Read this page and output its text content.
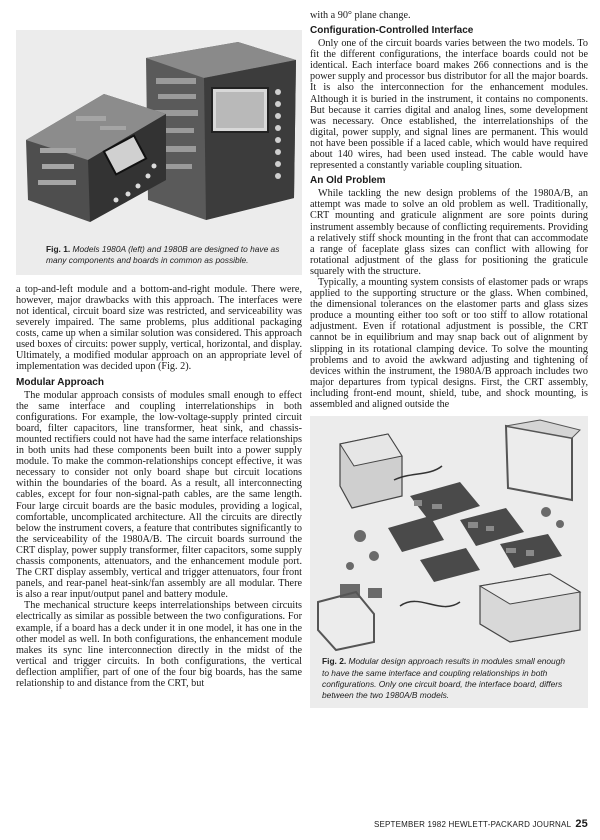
Fig. 1. Models 1980A (left) and 1980B are designed to have as many components and boards in common as possible.

a top-and-left module and a bottom-and-right module. There were, however, major drawbacks with this approach. The interfaces were not identical, circuit board size was restricted, and serviceability was severely impaired. The same problems, plus additional packaging costs, came up when a similar solution was considered. This approach used boxes of circuits: power supply, vertical, horizontal, and display. Ultimately, a modified modular approach on an appropriate level of implementation was decided upon (Fig. 2).

Modular Approach

The modular approach consists of modules small enough to effect the same interface and coupling interrelationships in both configurations. For example, the low-voltage-supply printed circuit board, filter capacitors, line transformer, heat sink, and chassis-mounted rectifiers could not have had the same interface relationships in both units had these components been built into a power supply module. To make the common-relationships concept effective, it was necessary to consider not only board shape but circuit locations within the boundaries of the board. As a result, all interconnecting cables, except for four non-signal-path cables, are the same length. Four large circuit boards are the basic modules, providing a logical, comfortable, uncomplicated architecture. All the circuits are directly below the instrument covers, a feature that contributes significantly to the serviceability of the 1980A/B. The circuit boards surround the CRT display, power supply transformer, filter capacitors, some supply chassis components, attenuators, and the enhancement module port. The CRT display assembly, vertical and trigger attenuators, four front panels, and rear-panel heat-sink/fan assembly are all modular. There is also a rear input/output panel and battery module.

The mechanical structure keeps interrelationships between circuits electrically as similar as possible between the two configurations. For example, if a board has a deck under it in one model, it has one in the other model as well. In both configurations, the enhancement module makes its sync line interconnection directly in the midst of the vertical and trigger circuits. In both configurations, the vertical deflection amplifier, part of one of the four big boards, has the same relationship to and distance from the CRT, but

with a 90° plane change.

Configuration-Controlled Interface

Only one of the circuit boards varies between the two models. To fit the different configurations, the interface boards could not be identical. Each interface board makes 266 connections and is the power supply and processor bus distributor for all the major boards. It is also the interconnection for the enhancement modules. Although it is buried in the instrument, it contains no components. But because it carries digital and analog lines, some development was necessary. Once established, the interrelationships of the digital, power supply, and signal lines are permanent. This would not have been possible if a laced cable, which would have required about 140 wires, had been used instead. The cable would have represented a constantly variable coupling situation.

An Old Problem

While tackling the new design problems of the 1980A/B, an attempt was made to solve an old problem as well. Traditionally, CRT mounting and graticule alignment are sore points during instrument assembly because of conflicting requirements. Providing a relatively stiff shock mounting in the front that can accommodate a range of faceplate glass sizes can conflict with allowing for rotational adjustment of the glass for positioning the graticule squarely with the structure.

Typically, a mounting system consists of elastomer pads or wraps applied to the supporting structure or the glass. When combined, the dimensional tolerances on the elastomer parts and glass sizes produce a mounting either too soft or too stiff to allow rotational adjustment. Even if rotational adjustment is possible, the CRT cannot be in equilibrium and may snap back out of alignment by slipping in its rotational clamping device. To solve the mounting problems and to avoid the awkward adjusting and tightening of devices within the instrument, the 1980A/B approach includes two major departures from typical designs. First, the CRT assembly, including front-end mount, shield, tube, and shock mounting, is assembled and aligned outside the

Fig. 2. Modular design approach results in modules small enough to have the same interface and coupling relationships in both configurations. Only one circuit board, the interface board, differs between the two 1980A/B models.
SEPTEMBER 1982 HEWLETT-PACKARD JOURNAL 25
